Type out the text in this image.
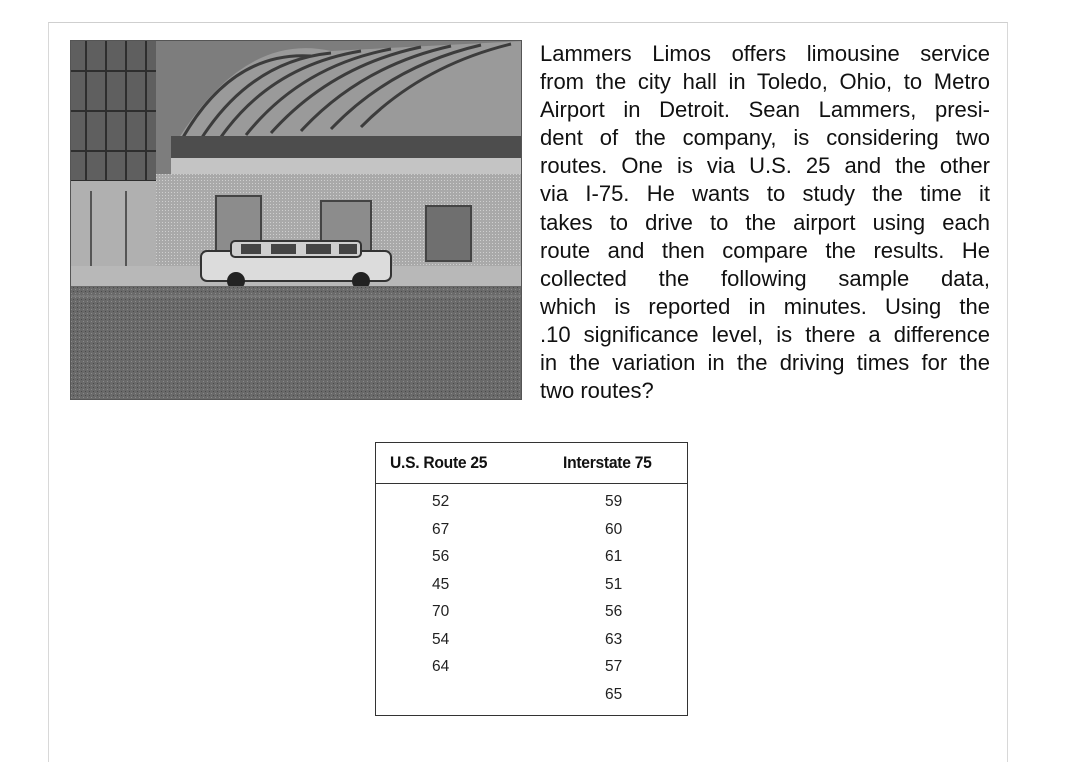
Lammers Limos offers limousine service
from the city hall in Toledo, Ohio, to Metro
Airport in Detroit. Sean Lammers, presi-
dent of the company, is considering two
routes. One is via U.S. 25 and the other
via I-75. He wants to study the time it
takes to drive to the airport using each
route and then compare the results. He
collected the following sample data,
which is reported in minutes. Using the
.10 significance level, is there a difference
in the variation in the driving times for the
two routes?
U.S. Route 25	Interstate 75
52
67
56
45
70
54
64
59
60
61
51
56
63
57
65
